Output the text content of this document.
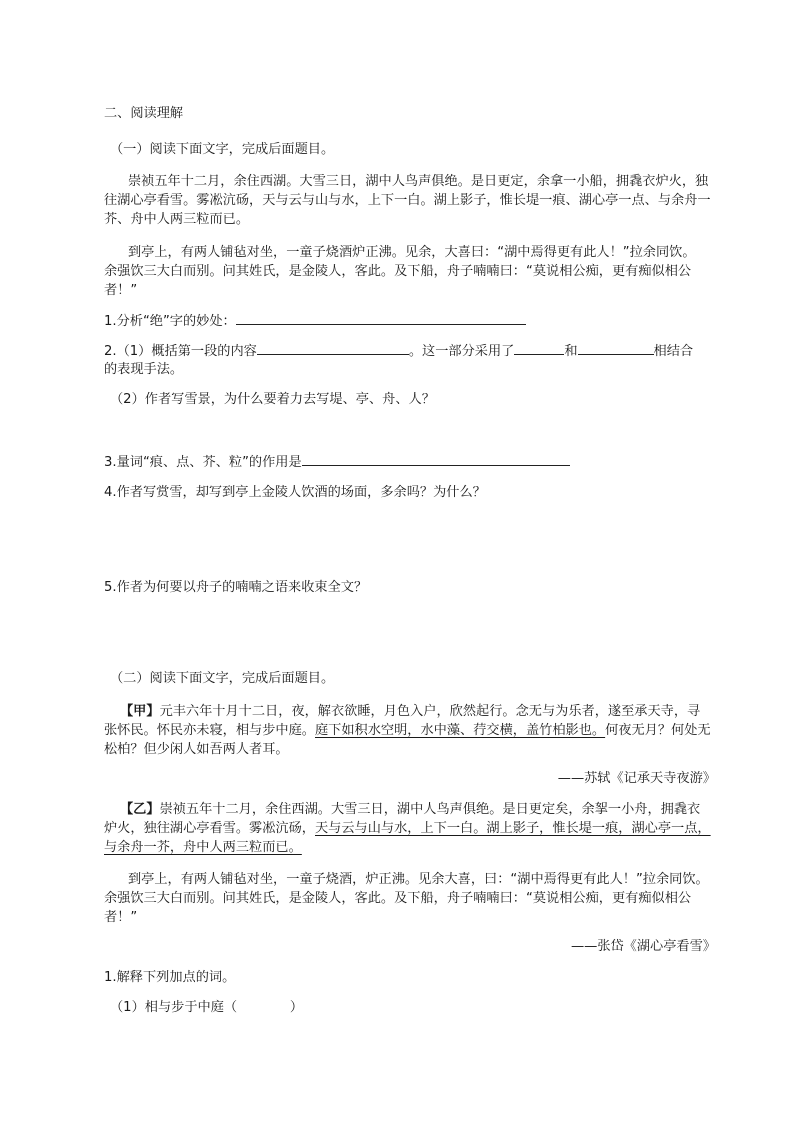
二、阅读理解
（一）阅读下面文字，完成后面题目。
崇祯五年十二月，余住西湖。大雪三日，湖中人鸟声俱绝。是日更定，余拿一小船，拥毳衣炉火，独
往湖心亭看雪。雾凇沆砀，天与云与山与水，上下一白。湖上影子，惟长堤一痕、湖心亭一点、与余舟一
芥、舟中人两三粒而已。
到亭上，有两人铺毡对坐，一童子烧酒炉正沸。见余，大喜曰：“湖中焉得更有此人！”拉余同饮。
余强饮三大白而别。问其姓氏，是金陵人，客此。及下船，舟子喃喃曰：“莫说相公痴，更有痴似相公
者！”
1.分析“绝”字的妙处：
2.（1）概括第一段的内容	。这一部分采用了	和	相结合
的表现手法。
（2）作者写雪景，为什么要着力去写堤、亭、舟、人？
3.量词“痕、点、芥、粒”的作用是
4.作者写赏雪，却写到亭上金陵人饮酒的场面，多余吗？为什么？
5.作者为何要以舟子的喃喃之语来收束全文？
（二）阅读下面文字，完成后面题目。
【甲】元丰六年十月十二日，夜，解衣欲睡，月色入户，欣然起行。念无与为乐者，遂至承天寺，寻
张怀民。怀民亦未寝，相与步中庭。庭下如积水空明，水中藻、荇交横，盖竹柏影也。何夜无月？何处无
松柏？但少闲人如吾两人者耳。
——苏轼《记承天寺夜游》
【乙】崇祯五年十二月，余住西湖。大雪三日，湖中人鸟声俱绝。是日更定矣，余挐一小舟，拥毳衣
炉火，独往湖心亭看雪。雾凇沆砀，天与云与山与水，上下一白。湖上影子，惟长堤一痕，湖心亭一点，
与余舟一芥，舟中人两三粒而已。
到亭上，有两人铺毡对坐，一童子烧酒，炉正沸。见余大喜，曰：“湖中焉得更有此人！”拉余同饮。
余强饮三大白而别。问其姓氏，是金陵人，客此。及下船，舟子喃喃曰：“莫说相公痴，更有痴似相公
者！”
——张岱《湖心亭看雪》
1.解释下列加点的词。
（1）相与步于中庭（　　　　）
